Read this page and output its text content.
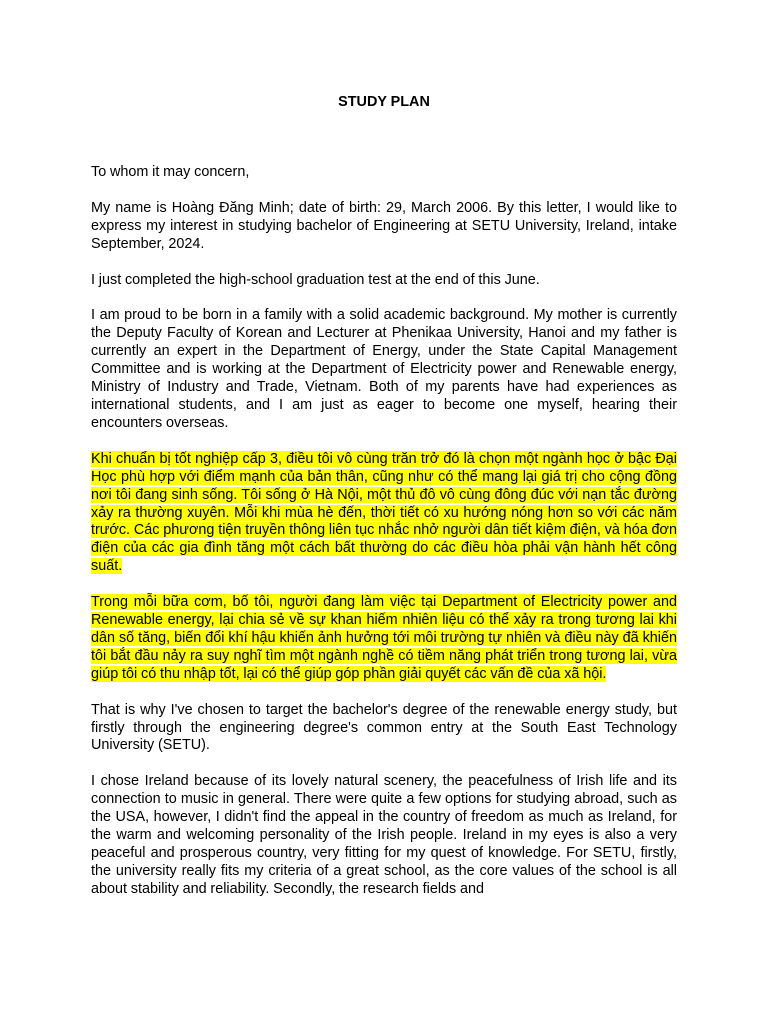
STUDY PLAN

To whom it may concern,

My name is Hoàng Đăng Minh; date of birth: 29, March 2006. By this letter, I would like to express my interest in studying bachelor of Engineering at SETU University, Ireland, intake September, 2024.

I just completed the high-school graduation test at the end of this June.

I am proud to be born in a family with a solid academic background. My mother is currently the Deputy Faculty of Korean and Lecturer at Phenikaa University, Hanoi and my father is currently an expert in the Department of Energy, under the State Capital Management Committee and is working at the Department of Electricity power and Renewable energy, Ministry of Industry and Trade, Vietnam. Both of my parents have had experiences as international students, and I am just as eager to become one myself, hearing their encounters overseas.

Khi chuẩn bị tốt nghiệp cấp 3, điều tôi vô cùng trăn trở đó là chọn một ngành học ở bậc Đại Học phù hợp với điểm mạnh của bản thân, cũng như có thể mang lại giá trị cho cộng đồng nơi tôi đang sinh sống. Tôi sống ở Hà Nội, một thủ đô vô cùng đông đúc với nạn tắc đường xảy ra thường xuyên. Mỗi khi mùa hè đến, thời tiết có xu hướng nóng hơn so với các năm trước. Các phương tiện truyền thông liên tục nhắc nhở người dân tiết kiệm điện, và hóa đơn điện của các gia đình tăng một cách bất thường do các điều hòa phải vận hành hết công suất.

Trong mỗi bữa cơm, bố tôi, người đang làm việc tại Department of Electricity power and Renewable energy, lại chia sẻ về sự khan hiếm nhiên liệu có thể xảy ra trong tương lai khi dân số tăng, biến đổi khí hậu khiến ảnh hưởng tới môi trường tự nhiên và điều này đã khiến tôi bắt đầu nảy ra suy nghĩ tìm một ngành nghề có tiềm năng phát triển trong tương lai, vừa giúp tôi có thu nhập tốt, lại có thể giúp góp phần giải quyết các vấn đề của xã hội.

That is why I've chosen to target the bachelor's degree of the renewable energy study, but firstly through the engineering degree's common entry at the South East Technology University (SETU).

I chose Ireland because of its lovely natural scenery, the peacefulness of Irish life and its connection to music in general. There were quite a few options for studying abroad, such as the USA, however, I didn't find the appeal in the country of freedom as much as Ireland, for the warm and welcoming personality of the Irish people. Ireland in my eyes is also a very peaceful and prosperous country, very fitting for my quest of knowledge. For SETU, firstly, the university really fits my criteria of a great school, as the core values of the school is all about stability and reliability. Secondly, the research fields and
